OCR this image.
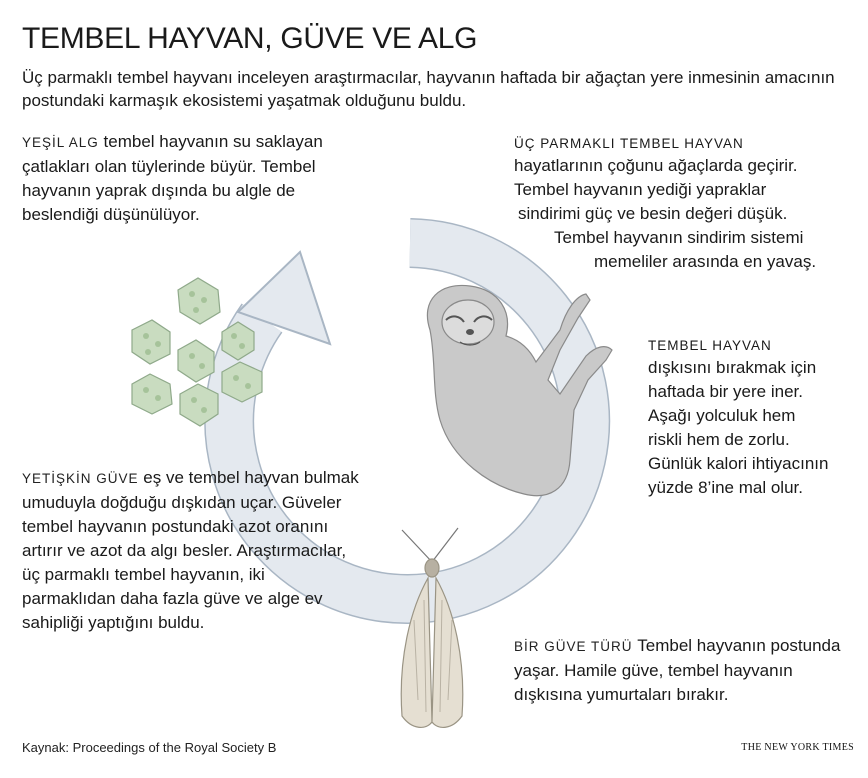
TEMBEL HAYVAN, GÜVE VE ALG
Üç parmaklı tembel hayvanı inceleyen araştırmacılar, hayvanın haftada bir ağaçtan yere inmesinin amacının postundaki karmaşık ekosistemi yaşatmak olduğunu buldu.
YEŞİL ALG tembel hayvanın su saklayan çatlakları olan tüylerinde büyür. Tembel hayvanın yaprak dışında bu algle de beslendiği düşünülüyor.
ÜÇ PARMAKLI TEMBEL HAYVAN
hayatlarının çoğunu ağaçlarda geçirir.
Tembel hayvanın yediği yapraklar
sindirimi güç ve besin değeri düşük.
Tembel hayvanın sindirim sistemi
memeliler arasında en yavaş.
TEMBEL HAYVAN
dışkısını bırakmak için haftada bir yere iner. Aşağı yolculuk hem riskli hem de zorlu. Günlük kalori ihtiyacının yüzde 8’ine mal olur.
BİR GÜVE TÜRÜ Tembel hayvanın postunda yaşar. Hamile güve, tembel hayvanın dışkısına yumurtaları bırakır.
YETİŞKİN GÜVE eş ve tembel hayvan bulmak umuduyla doğduğu dışkıdan uçar. Güveler tembel hayvanın postundaki azot oranını artırır ve azot da algı besler. Araştırmacılar, üç parmaklı tembel hayvanın, iki parmaklıdan daha fazla güve ve alge ev sahipliği yaptığını buldu.
Kaynak: Proceedings of the Royal Society B	THE NEW YORK TIMES
